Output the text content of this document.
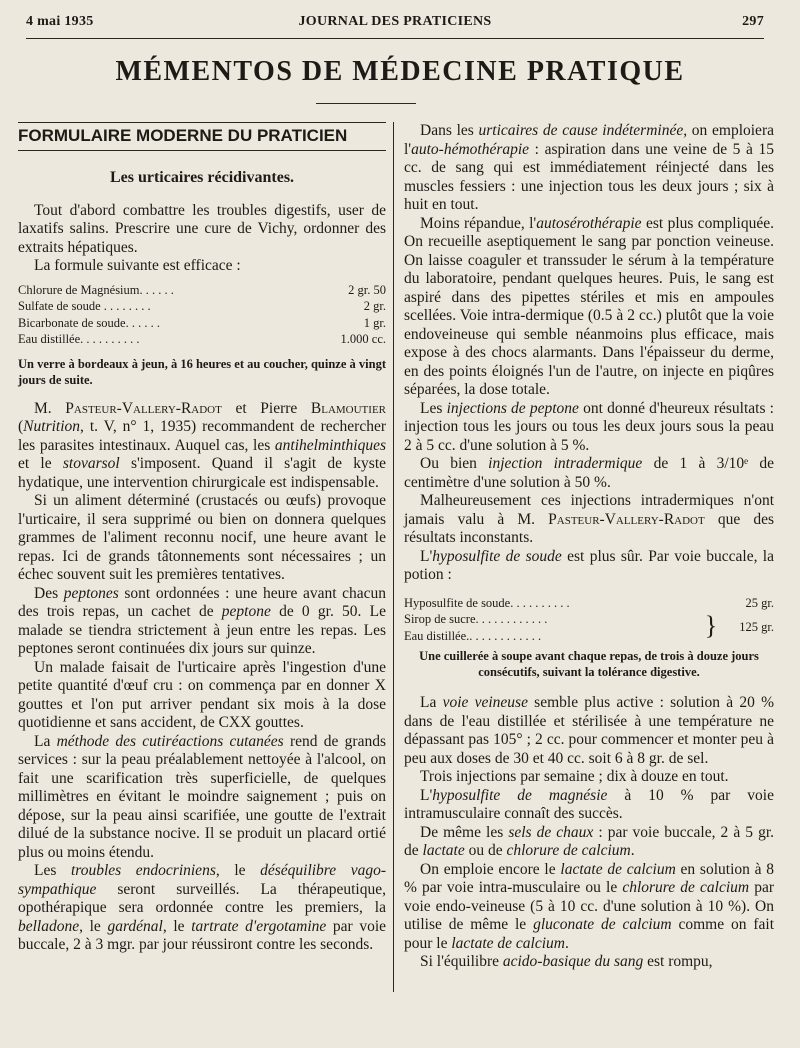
4 mai 1935	JOURNAL DES PRATICIENS	297
MÉMENTOS DE MÉDECINE PRATIQUE
FORMULAIRE MODERNE DU PRATICIEN
Les urticaires récidivantes.

Tout d'abord combattre les troubles digestifs, user de laxatifs salins. Prescrire une cure de Vichy, ordonner des extraits hépatiques.

La formule suivante est efficace :

Chlorure de Magnésium. . . . . .	2 gr. 50
Sulfate de soude . . . . . . . .	2 gr.
Bicarbonate de soude. . . . . .	1 gr.
Eau distillée. . . . . . . . . .	1.000 cc.

Un verre à bordeaux à jeun, à 16 heures et au coucher, quinze à vingt jours de suite.

M. Pasteur-Vallery-Radot et Pierre Blamoutier (Nutrition, t. V, n° 1, 1935) recommandent de rechercher les parasites intestinaux. Auquel cas, les antihelminthiques et le stovarsol s'imposent. Quand il s'agit de kyste hydatique, une intervention chirurgicale est indispensable.

Si un aliment déterminé (crustacés ou œufs) provoque l'urticaire, il sera supprimé ou bien on donnera quelques grammes de l'aliment reconnu nocif, une heure avant le repas. Ici de grands tâtonnements sont nécessaires ; un échec souvent suit les premières tentatives.

Des peptones sont ordonnées : une heure avant chacun des trois repas, un cachet de peptone de 0 gr. 50. Le malade se tiendra strictement à jeun entre les repas. Les peptones seront continuées dix jours sur quinze.

Un malade faisait de l'urticaire après l'ingestion d'une petite quantité d'œuf cru : on commença par en donner X gouttes et l'on put arriver pendant six mois à la dose quotidienne et sans accident, de CXX gouttes.

La méthode des cutiréactions cutanées rend de grands services : sur la peau préalablement nettoyée à l'alcool, on fait une scarification très superficielle, de quelques millimètres en évitant le moindre saignement ; puis on dépose, sur la peau ainsi scarifiée, une goutte de l'extrait dilué de la substance nocive. Il se produit un placard ortié plus ou moins étendu.

Les troubles endocriniens, le déséquilibre vago-sympathique seront surveillés. La thérapeutique, opothérapique sera ordonnée contre les premiers, la belladone, le gardénal, le tartrate d'ergotamine par voie buccale, 2 à 3 mgr. par jour réussiront contre les seconds.

Dans les urticaires de cause indéterminée, on emploiera l'auto-hémothérapie : aspiration dans une veine de 5 à 15 cc. de sang qui est immédiatement réinjecté dans les muscles fessiers : une injection tous les deux jours ; six à huit en tout.

Moins répandue, l'autosérothérapie est plus compliquée. On recueille aseptiquement le sang par ponction veineuse. On laisse coaguler et transsuder le sérum à la température du laboratoire, pendant quelques heures. Puis, le sang est aspiré dans des pipettes stériles et mis en ampoules scellées. Voie intra-dermique (0.5 à 2 cc.) plutôt que la voie endoveineuse qui semble néanmoins plus efficace, mais expose à des chocs alarmants. Dans l'épaisseur du derme, en des points éloignés l'un de l'autre, on injecte en piqûres séparées, la dose totale.

Les injections de peptone ont donné d'heureux résultats : injection tous les jours ou tous les deux jours sous la peau 2 à 5 cc. d'une solution à 5 %.

Ou bien injection intradermique de 1 à 3/10ᵉ de centimètre d'une solution à 50 %.

Malheureusement ces injections intradermiques n'ont jamais valu à M. Pasteur-Vallery-Radot que des résultats inconstants.

L'hyposulfite de soude est plus sûr. Par voie buccale, la potion :

Hyposulfite de soude. . . . . . . . . .	25 gr.
Sirop de sucre. . . . . . . . . . . .
Eau distillée.. . . . . . . . . . . .	}	125 gr.
Une cuillerée à soupe avant chaque repas, de trois à douze jours consécutifs, suivant la tolérance digestive.

La voie veineuse semble plus active : solution à 20 % dans de l'eau distillée et stérilisée à une température ne dépassant pas 105° ; 2 cc. pour commencer et monter peu à peu aux doses de 30 et 40 cc. soit 6 à 8 gr. de sel.

Trois injections par semaine ; dix à douze en tout.

L'hyposulfite de magnésie à 10 % par voie intramusculaire connaît des succès.

De même les sels de chaux : par voie buccale, 2 à 5 gr. de lactate ou de chlorure de calcium.

On emploie encore le lactate de calcium en solution à 8 % par voie intra-musculaire ou le chlorure de calcium par voie endo-veineuse (5 à 10 cc. d'une solution à 10 %). On utilise de même le gluconate de calcium comme on fait pour le lactate de calcium.

Si l'équilibre acido-basique du sang est rompu,
